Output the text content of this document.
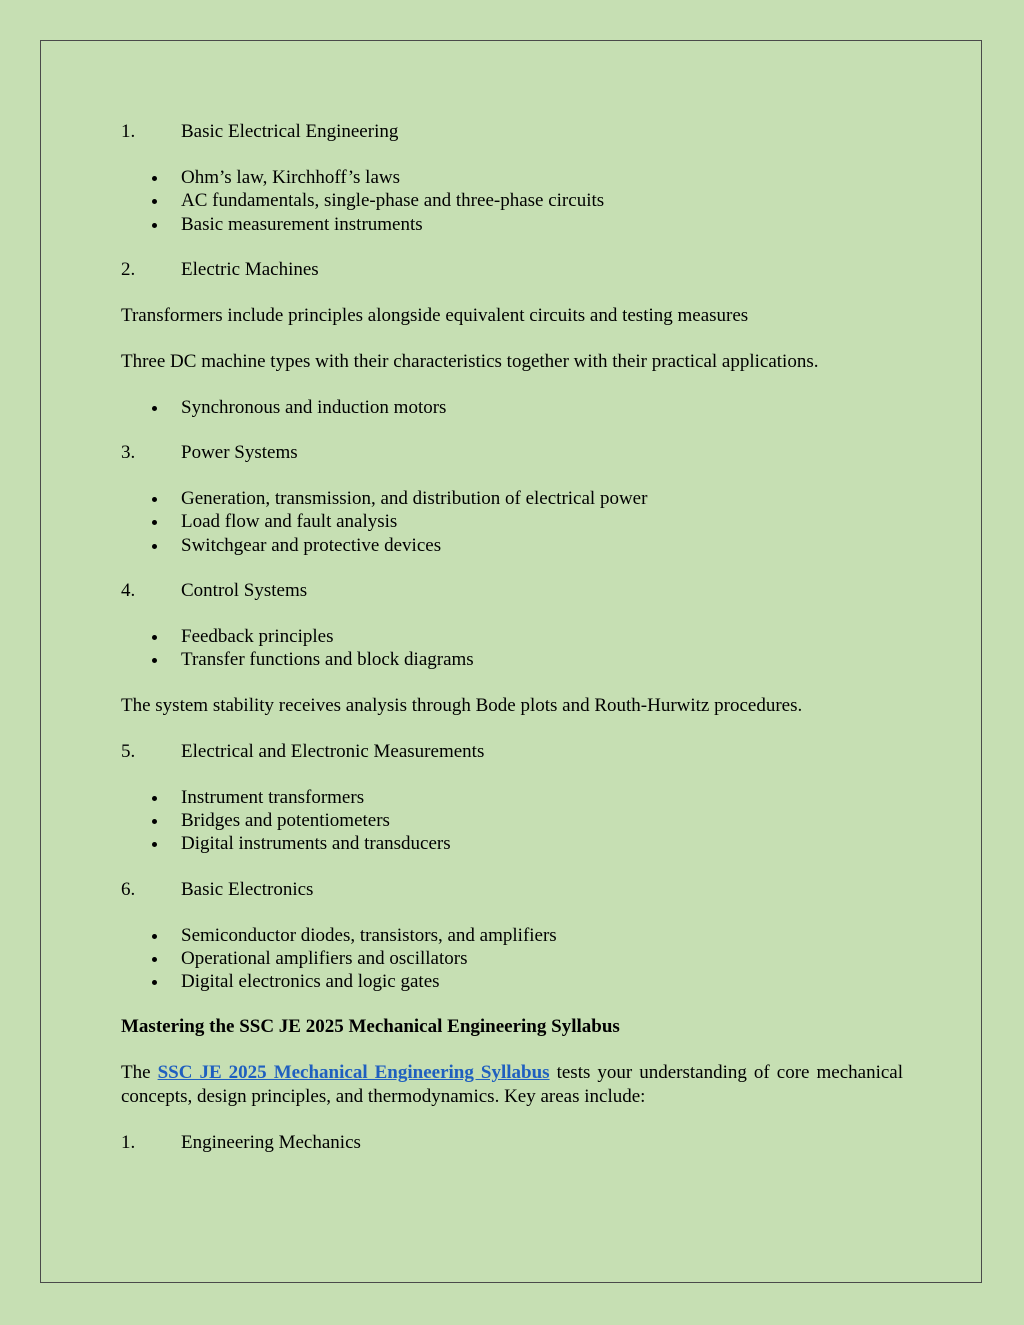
1.	Basic Electrical Engineering
Ohm’s law, Kirchhoff’s laws
AC fundamentals, single-phase and three-phase circuits
Basic measurement instruments
2.	Electric Machines
Transformers include principles alongside equivalent circuits and testing measures
Three DC machine types with their characteristics together with their practical applications.
Synchronous and induction motors
3.	Power Systems
Generation, transmission, and distribution of electrical power
Load flow and fault analysis
Switchgear and protective devices
4.	Control Systems
Feedback principles
Transfer functions and block diagrams
The system stability receives analysis through Bode plots and Routh-Hurwitz procedures.
5.	Electrical and Electronic Measurements
Instrument transformers
Bridges and potentiometers
Digital instruments and transducers
6.	Basic Electronics
Semiconductor diodes, transistors, and amplifiers
Operational amplifiers and oscillators
Digital electronics and logic gates
Mastering the SSC JE 2025 Mechanical Engineering Syllabus
The SSC JE 2025 Mechanical Engineering Syllabus tests your understanding of core mechanical concepts, design principles, and thermodynamics. Key areas include:
1.	Engineering Mechanics
